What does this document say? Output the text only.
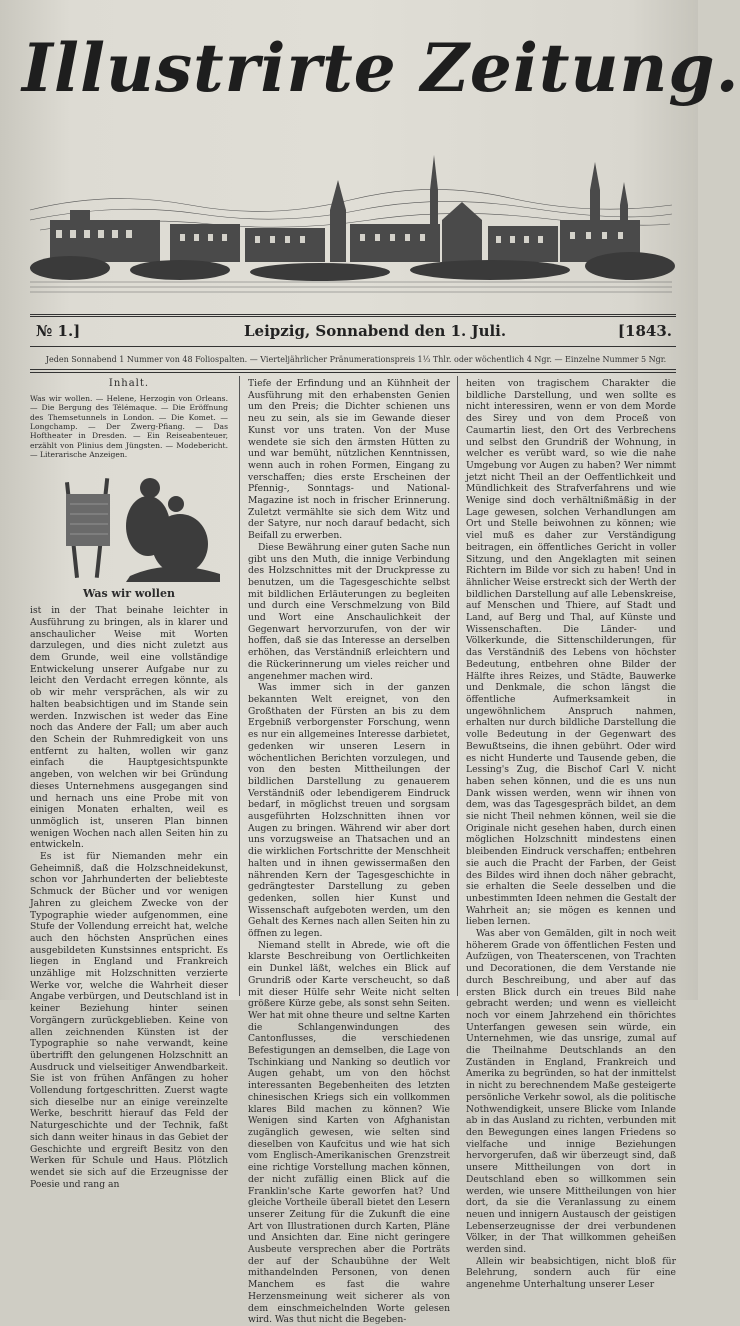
Illustrirte Zeitung.
№ 1.]	Leipzig, Sonnabend den 1. Juli.	[1843.
Jeden Sonnabend 1 Nummer von 48 Foliospalten. — Vierteljährlicher Pränumerationspreis 1⅓ Thlr. oder wöchentlich 4 Ngr. — Einzelne Nummer 5 Ngr.
Inhalt.

Was wir wollen. — Helene, Herzogin von Orleans. — Die Bergung des Télémaque. — Die Eröffnung des Themsetunnels in London. — Die Komet. — Longchamp. — Der Zwerg-Pfiang. — Das Hoftheater in Dresden. — Ein Reiseabenteuer, erzählt von Plinius dem Jüngsten. — Modebericht. — Literarische Anzeigen.

Was wir wollen

ist in der That beinahe leichter in Ausführung zu bringen, als in klarer und anschaulicher Weise mit Worten darzulegen, und dies nicht zuletzt aus dem Grunde, weil eine vollständige Entwickelung unserer Aufgabe nur zu leicht den Verdacht erregen könnte, als ob wir mehr versprächen, als wir zu halten beabsichtigen und im Stande sein werden. Inzwischen ist weder das Eine noch das Andere der Fall; um aber auch den Schein der Ruhmredigkeit von uns entfernt zu halten, wollen wir ganz einfach die Hauptgesichtspunkte angeben, von welchen wir bei Gründung dieses Unternehmens ausgegangen sind und hernach uns eine Probe mit von einigen Monaten erhalten, weil es unmöglich ist, unseren Plan binnen wenigen Wochen nach allen Seiten hin zu entwickeln.

Es ist für Niemanden mehr ein Geheimniß, daß die Holzschneidekunst, schon vor Jahrhunderten der beliebteste Schmuck der Bücher und vor wenigen Jahren zu gleichem Zwecke von der Typographie wieder aufgenommen, eine Stufe der Vollendung erreicht hat, welche auch den höchsten Ansprüchen eines ausgebildeten Kunstsinnes entspricht. Es liegen in England und Frankreich unzählige mit Holzschnitten verzierte Werke vor, welche die Wahrheit dieser Angabe verbürgen, und Deutschland ist in keiner Beziehung hinter seinen Vorgängern zurückgeblieben. Keine von allen zeichnenden Künsten ist der Typographie so nahe verwandt, keine übertrifft den gelungenen Holzschnitt an Ausdruck und vielseitiger Anwendbarkeit. Sie ist von frühen Anfängen zu hoher Vollendung fortgeschritten. Zuerst wagte sich dieselbe nur an einige vereinzelte Werke, beschritt hierauf das Feld der Naturgeschichte und der Technik, faßt sich dann weiter hinaus in das Gebiet der Geschichte und ergreift Besitz von den Werken für Schule und Haus. Plötzlich wendet sie sich auf die Erzeugnisse der Poesie und rang an

Tiefe der Erfindung und an Kühnheit der Ausführung mit den erhabensten Genien um den Preis; die Dichter schienen uns neu zu sein, als sie im Gewande dieser Kunst vor uns traten. Von der Muse wendete sie sich den ärmsten Hütten zu und war bemüht, nützlichen Kenntnissen, wenn auch in rohen Formen, Eingang zu verschaffen; dies erste Erscheinen der Pfennig-, Sonntags- und National-Magazine ist noch in frischer Erinnerung. Zuletzt vermählte sie sich dem Witz und der Satyre, nur noch darauf bedacht, sich Beifall zu erwerben.

Diese Bewährung einer guten Sache nun gibt uns den Muth, die innige Verbindung des Holzschnittes mit der Druckpresse zu benutzen, um die Tagesgeschichte selbst mit bildlichen Erläuterungen zu begleiten und durch eine Verschmelzung von Bild und Wort eine Anschaulichkeit der Gegenwart hervorzurufen, von der wir hoffen, daß sie das Interesse an derselben erhöhen, das Verständniß erleichtern und die Rückerinnerung um vieles reicher und angenehmer machen wird.

Was immer sich in der ganzen bekannten Welt ereignet, von den Großthaten der Fürsten an bis zu dem Ergebniß verborgenster Forschung, wenn es nur ein allgemeines Interesse darbietet, gedenken wir unseren Lesern in wöchentlichen Berichten vorzulegen, und von den besten Mittheilungen der bildlichen Darstellung zu genauerem Verständniß oder lebendigerem Eindruck bedarf, in möglichst treuen und sorgsam ausgeführten Holzschnitten ihnen vor Augen zu bringen. Während wir aber dort uns vorzugsweise an Thatsachen und an die wirklichen Fortschritte der Menschheit halten und in ihnen gewissermaßen den nährenden Kern der Tagesgeschichte in gedrängtester Darstellung zu geben gedenken, sollen hier Kunst und Wissenschaft aufgeboten werden, um den Gehalt des Kernes nach allen Seiten hin zu öffnen zu legen.

Niemand stellt in Abrede, wie oft die klarste Beschreibung von Oertlichkeiten ein Dunkel läßt, welches ein Blick auf Grundriß oder Karte verscheucht, so daß mit dieser Hülfe sehr Weite nicht selten größere Kürze gebe, als sonst sehn Seiten. Wer hat mit ohne theure und seltne Karten die Schlangenwindungen des Cantonflusses, die verschiedenen Befestigungen an demselben, die Lage von Tschinkiang und Nanking so deutlich vor Augen gehabt, um von den höchst interessanten Begebenheiten des letzten chinesischen Kriegs sich ein vollkommen klares Bild machen zu können? Wie Wenigen sind Karten von Afghanistan zugänglich gewesen, wie selten sind dieselben von Kaufcitus und wie hat sich vom Englisch-Amerikanischen Grenzstreit eine richtige Vorstellung machen können, der nicht zufällig einen Blick auf die Franklin'sche Karte geworfen hat? Und gleiche Vortheile überall bietet den Lesern unserer Zeitung für die Zukunft die eine Art von Illustrationen durch Karten, Pläne und Ansichten dar. Eine nicht geringere Ausbeute versprechen aber die Porträts der auf der Schaubühne der Welt mithandelnden Personen, von denen Manchem es fast die wahre Herzensmeinung weit sicherer als von dem einschmeichelnden Worte gelesen wird. Was thut nicht die Begeben-

heiten von tragischem Charakter die bildliche Darstellung, und wen sollte es nicht interessiren, wenn er von dem Morde des Sirey und von dem Proceß von Caumartin liest, den Ort des Verbrechens und selbst den Grundriß der Wohnung, in welcher es verübt ward, so wie die nahe Umgebung vor Augen zu haben? Wer nimmt jetzt nicht Theil an der Oeffentlichkeit und Mündlichkeit des Strafverfahrens und wie Wenige sind doch verhältnißmäßig in der Lage gewesen, solchen Verhandlungen am Ort und Stelle beiwohnen zu können; wie viel muß es daher zur Verständigung beitragen, ein öffentliches Gericht in voller Sitzung, und den Angeklagten mit seinen Richtern im Bilde vor sich zu haben! Und in ähnlicher Weise erstreckt sich der Werth der bildlichen Darstellung auf alle Lebenskreise, auf Menschen und Thiere, auf Stadt und Land, auf Berg und Thal, auf Künste und Wissenschaften. Die Länder- und Völkerkunde, die Sittenschilderungen, für das Verständniß des Lebens von höchster Bedeutung, entbehren ohne Bilder der Hälfte ihres Reizes, und Städte, Bauwerke und Denkmale, die schon längst die öffentliche Aufmerksamkeit in ungewöhnlichem Anspruch nahmen, erhalten nur durch bildliche Darstellung die volle Bedeutung in der Gegenwart des Bewußtseins, die ihnen gebührt. Oder wird es nicht Hunderte und Tausende geben, die Lessing's Zug, die Bischof Carl V. nicht haben sehen können, und die es uns nun Dank wissen werden, wenn wir ihnen von dem, was das Tagesgespräch bildet, an dem sie nicht Theil nehmen können, weil sie die Originale nicht gesehen haben, durch einen möglichen Holzschnitt mindestens einen bleibenden Eindruck verschaffen; entbehren sie auch die Pracht der Farben, der Geist des Bildes wird ihnen doch näher gebracht, sie erhalten die Seele desselben und die unbestimmten Ideen nehmen die Gestalt der Wahrheit an; sie mögen es kennen und lieben lernen.

Was aber von Gemälden, gilt in noch weit höherem Grade von öffentlichen Festen und Aufzügen, von Theaterscenen, von Trachten und Decorationen, die dem Verstande nie durch Beschreibung, und aber auf das ersten Blick durch ein treues Bild nahe gebracht werden; und wenn es vielleicht noch vor einem Jahrzehend ein thörichtes Unterfangen gewesen sein würde, ein Unternehmen, wie das unsrige, zumal auf die Theilnahme Deutschlands an den Zuständen in England, Frankreich und Amerika zu begründen, so hat der inmittelst in nicht zu berechnendem Maße gesteigerte persönliche Verkehr sowol, als die politische Nothwendigkeit, unsere Blicke vom Inlande ab in das Ausland zu richten, verbunden mit den Bewegungen eines langen Friedens so vielfache und innige Beziehungen hervorgerufen, daß wir überzeugt sind, daß unsere Mittheilungen von dort in Deutschland eben so willkommen sein werden, wie unsere Mittheilungen von hier dort, da sie die Veranlassung zu einem neuen und innigern Austausch der geistigen Lebenserzeugnisse der drei verbundenen Völker, in der That willkommen geheißen werden sind.

Allein wir beabsichtigen, nicht bloß für Belehrung, sondern auch für eine angenehme Unterhaltung unserer Leser
